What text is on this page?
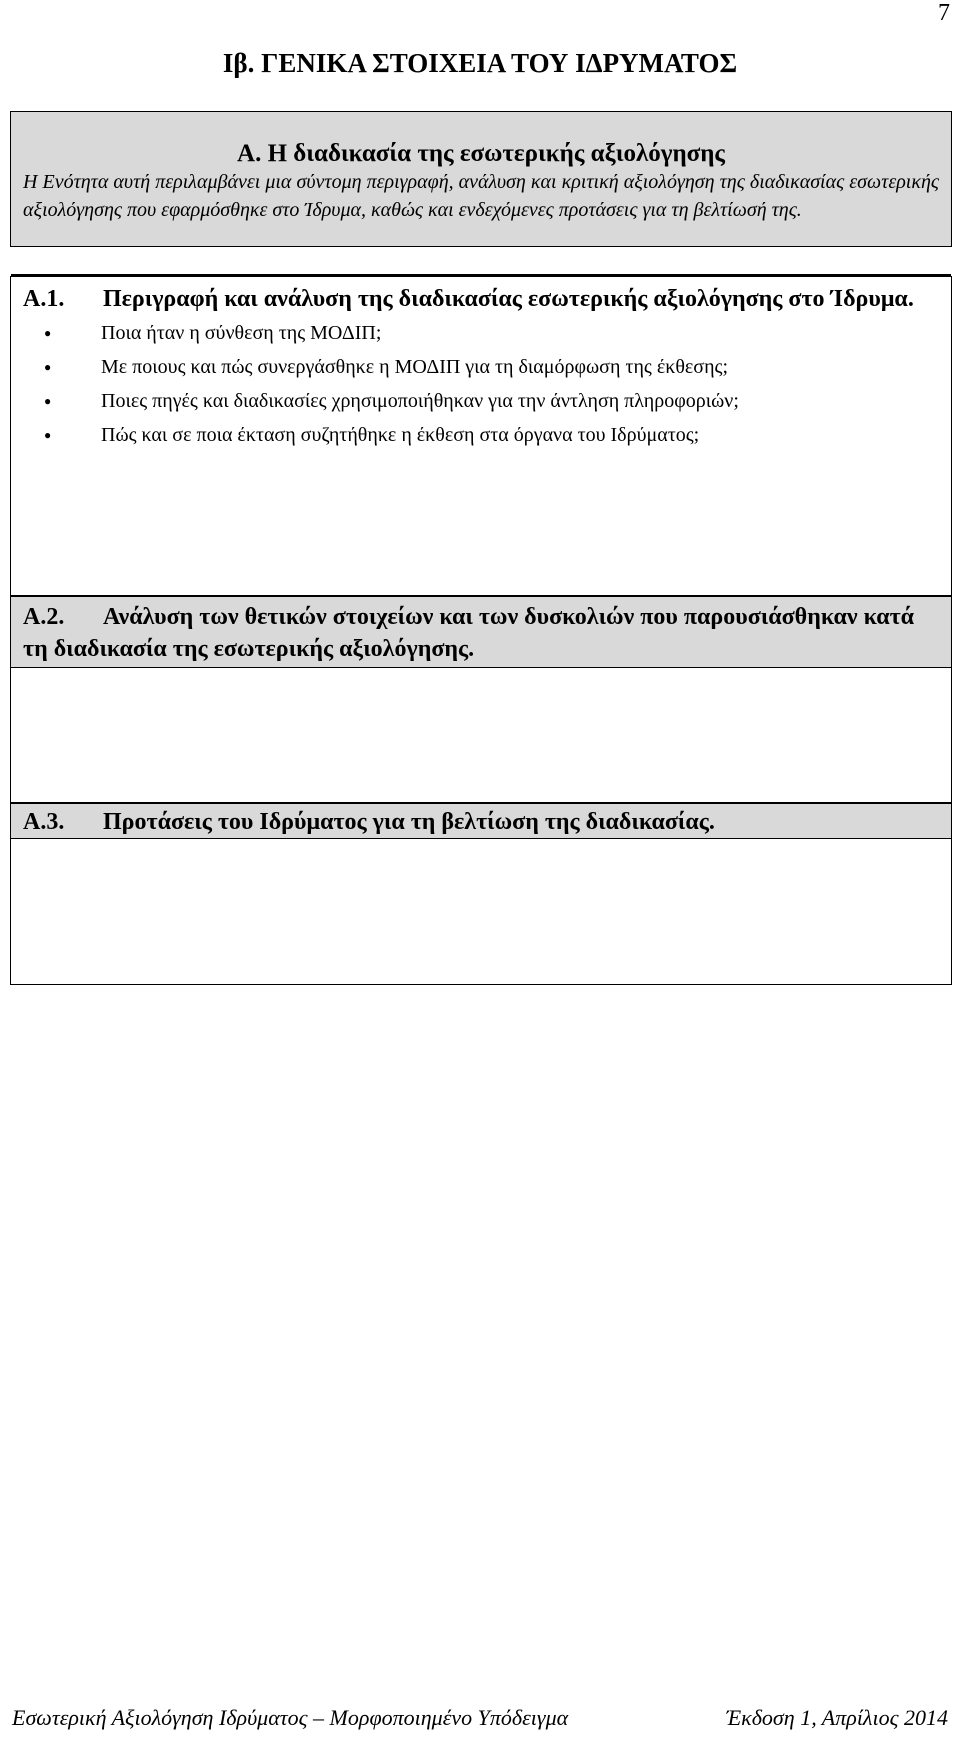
7
Ιβ. ΓΕΝΙΚΑ ΣΤΟΙΧΕΙΑ ΤΟΥ ΙΔΡΥΜΑΤΟΣ
Α. Η διαδικασία της εσωτερικής αξιολόγησης
Η Ενότητα αυτή περιλαμβάνει μια σύντομη περιγραφή, ανάλυση και κριτική αξιολόγηση της διαδικασίας εσωτερικής αξιολόγησης που εφαρμόσθηκε στο Ίδρυμα, καθώς και ενδεχόμενες προτάσεις για τη βελτίωσή της.
Α.1. Περιγραφή και ανάλυση της διαδικασίας εσωτερικής αξιολόγησης στο Ίδρυμα.
● Ποια ήταν η σύνθεση της ΜΟΔΙΠ;
● Με ποιους και πώς συνεργάσθηκε η ΜΟΔΙΠ για τη διαμόρφωση της έκθεσης;
● Ποιες πηγές και διαδικασίες χρησιμοποιήθηκαν για την άντληση πληροφοριών;
● Πώς και σε ποια έκταση συζητήθηκε η έκθεση στα όργανα του Ιδρύματος;
Α.2. Ανάλυση των θετικών στοιχείων και των δυσκολιών που παρουσιάσθηκαν κατά τη διαδικασία της εσωτερικής αξιολόγησης.
Α.3. Προτάσεις του Ιδρύματος για τη βελτίωση της διαδικασίας.
Εσωτερική Αξιολόγηση Ιδρύματος – Μορφοποιημένο Υπόδειγμα	Έκδοση 1, Απρίλιος 2014
